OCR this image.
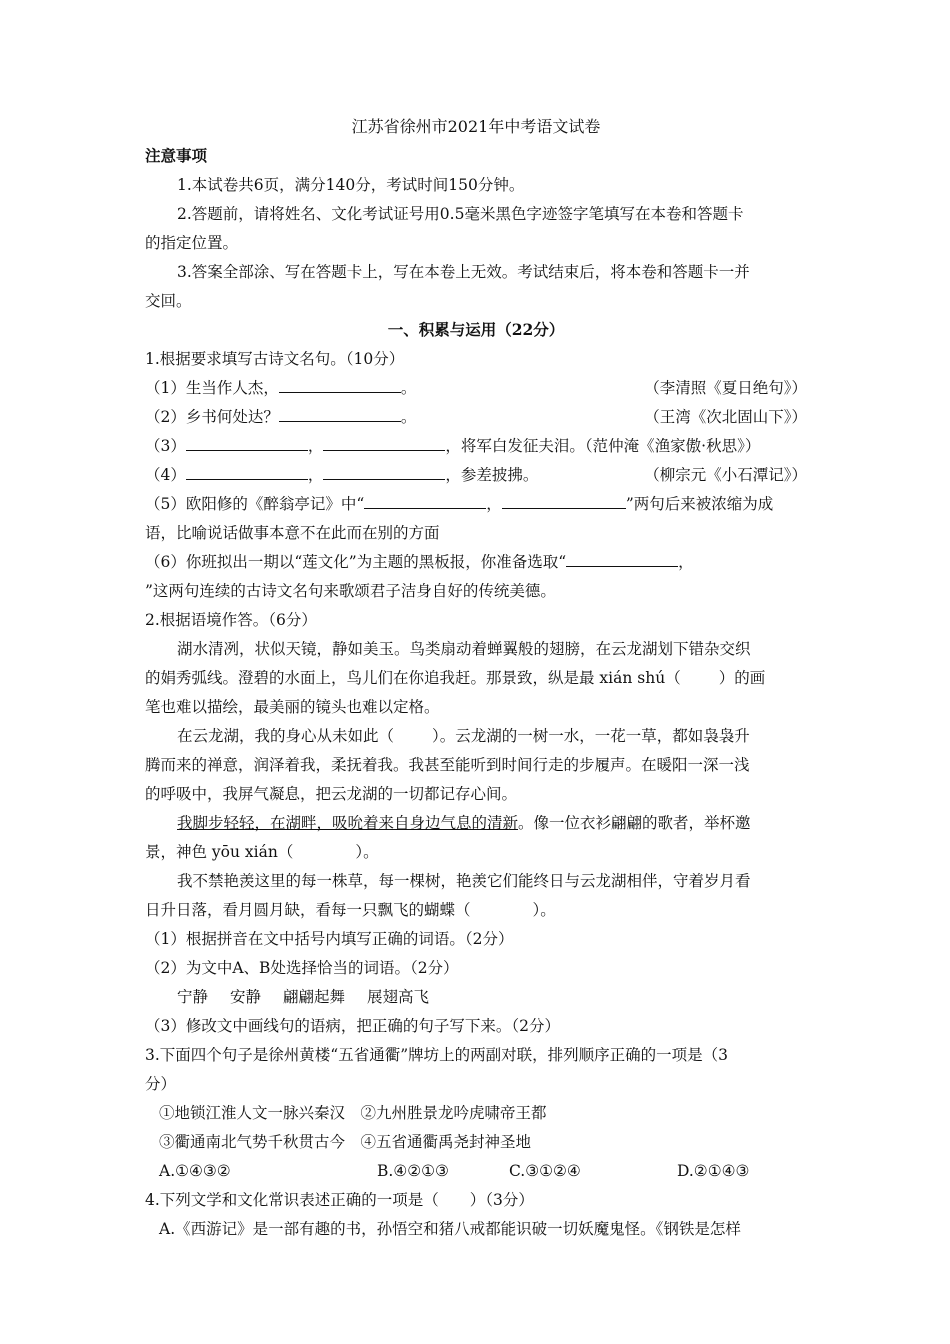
江苏省徐州市2021年中考语文试卷
注意事项
1.本试卷共6页，满分140分，考试时间150分钟。
2.答题前，请将姓名、文化考试证号用0.5毫米黑色字迹签字笔填写在本卷和答题卡
的指定位置。
3.答案全部涂、写在答题卡上，写在本卷上无效。考试结束后，将本卷和答题卡一并
交回。
一、积累与运用（22分）
1.根据要求填写古诗文名句。（10分）
（1）生当作人杰，	。	（李清照《夏日绝句》）
（2）乡书何处达？	。	（王湾《次北固山下》）
（3）	，	，将军白发征夫泪。（范仲淹《渔家傲·秋思》）
（4）	，	，参差披拂。	（柳宗元《小石潭记》）
（5）欧阳修的《醉翁亭记》中“	，	”两句后来被浓缩为成
语，比喻说话做事本意不在此而在别的方面
（6）你班拟出一期以“莲文化”为主题的黑板报，你准备选取“	，
”这两句连续的古诗文名句来歌颂君子洁身自好的传统美德。
2.根据语境作答。（6分）
湖水清冽，状似天镜，静如美玉。鸟类扇动着蝉翼般的翅膀，在云龙湖划下错杂交织
的娟秀弧线。澄碧的水面上，鸟儿们在你追我赶。那景致，纵是最 xián shú（ ）的画
笔也难以描绘，最美丽的镜头也难以定格。
在云龙湖，我的身心从未如此（ ）。云龙湖的一树一水，一花一草，都如袅袅升
腾而来的禅意，润泽着我，柔抚着我。我甚至能听到时间行走的步履声。在暖阳一深一浅
的呼吸中，我屏气凝息，把云龙湖的一切都记存心间。
我脚步轻轻，在湖畔，吸吮着来自身边气息的清新。像一位衣衫翩翩的歌者，举杯邀
景，神色 yōu xián（	）。
我不禁艳羡这里的每一株草，每一棵树，艳羡它们能终日与云龙湖相伴，守着岁月看
日升日落，看月圆月缺，看每一只飘飞的蝴蝶（	）。
（1）根据拼音在文中括号内填写正确的词语。（2分）
（2）为文中A、B处选择恰当的词语。（2分）
宁静 安静 翩翩起舞 展翅高飞
（3）修改文中画线句的语病，把正确的句子写下来。（2分）
3.下面四个句子是徐州黄楼“五省通衢”牌坊上的两副对联，排列顺序正确的一项是（3
分）
①地锁江淮人文一脉兴秦汉　②九州胜景龙吟虎啸帝王都
③衢通南北气势千秋贯古今　④五省通衢禹尧封神圣地
A.①④③②	B.④②①③	C.③①②④	D.②①④③
4.下列文学和文化常识表述正确的一项是（　　）（3分）
A.《西游记》是一部有趣的书，孙悟空和猪八戒都能识破一切妖魔鬼怪。《钢铁是怎样
